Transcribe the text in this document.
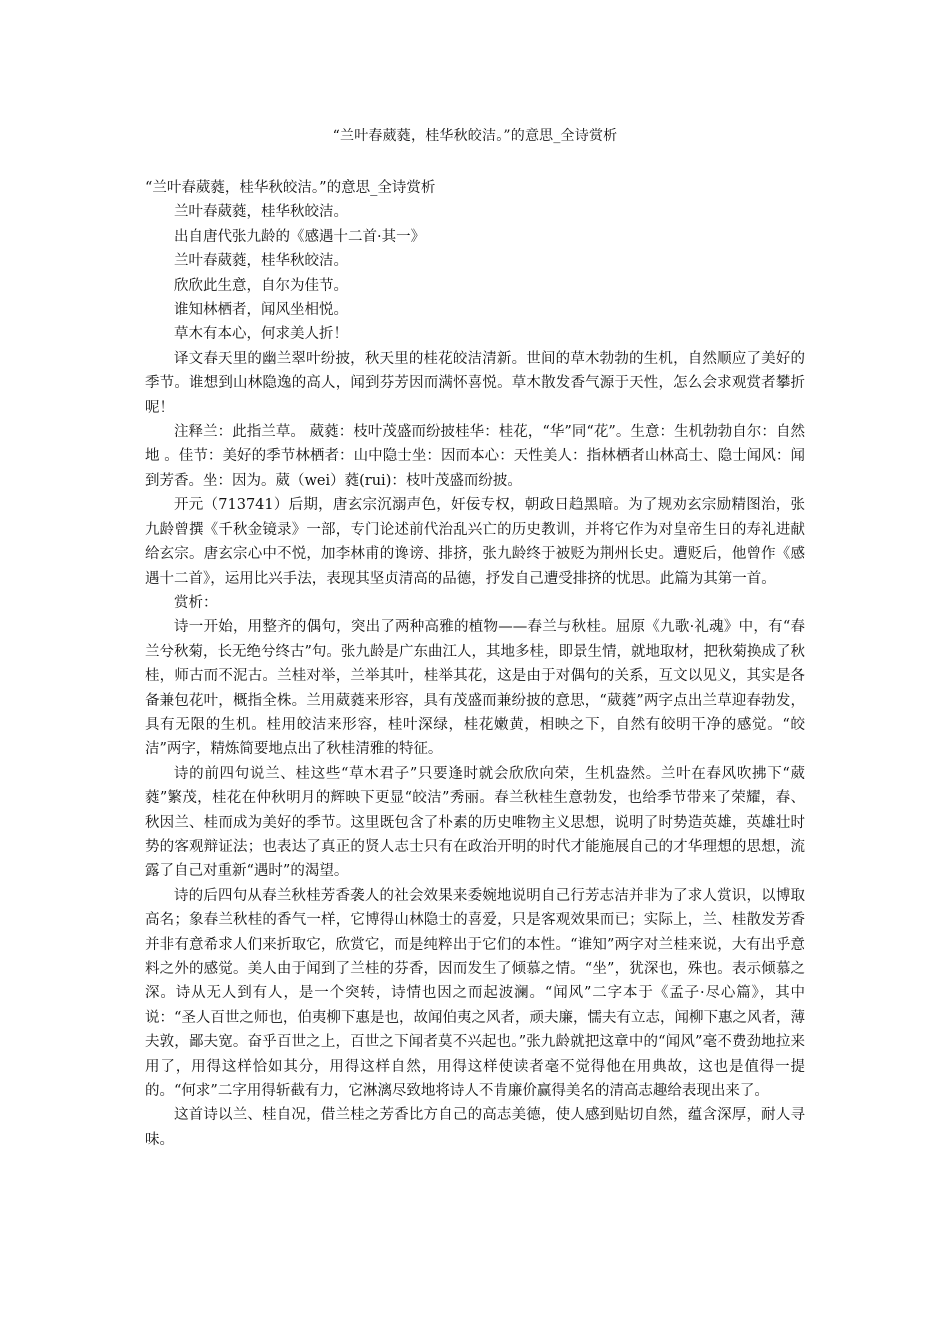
“兰叶春葳蕤，桂华秋皎洁。”的意思_全诗赏析

“兰叶春葳蕤，桂华秋皎洁。”的意思_全诗赏析

兰叶春葳蕤，桂华秋皎洁。

出自唐代张九龄的《感遇十二首·其一》

兰叶春葳蕤，桂华秋皎洁。

欣欣此生意，自尔为佳节。

谁知林栖者，闻风坐相悦。

草木有本心，何求美人折！

译文春天里的幽兰翠叶纷披，秋天里的桂花皎洁清新。世间的草木勃勃的生机，自然顺应了美好的季节。谁想到山林隐逸的高人，闻到芬芳因而满怀喜悦。草木散发香气源于天性，怎么会求观赏者攀折呢！

注释兰：此指兰草。 葳蕤：枝叶茂盛而纷披桂华：桂花，“华”同“花”。生意：生机勃勃自尔：自然地 。佳节：美好的季节林栖者：山中隐士坐：因而本心：天性美人：指林栖者山林高士、隐士闻风：闻到芳香。坐：因为。葳（wei）蕤(rui)：枝叶茂盛而纷披。

开元（713741）后期，唐玄宗沉溺声色，奸佞专权，朝政日趋黑暗。为了规劝玄宗励精图治，张九龄曾撰《千秋金镜录》一部，专门论述前代治乱兴亡的历史教训，并将它作为对皇帝生日的寿礼进献给玄宗。唐玄宗心中不悦，加李林甫的谗谤、排挤，张九龄终于被贬为荆州长史。遭贬后，他曾作《感遇十二首》，运用比兴手法，表现其坚贞清高的品德，抒发自己遭受排挤的忧思。此篇为其第一首。

赏析：

诗一开始，用整齐的偶句，突出了两种高雅的植物——春兰与秋桂。屈原《九歌·礼魂》中，有“春兰兮秋菊，长无绝兮终古”句。张九龄是广东曲江人，其地多桂，即景生情，就地取材，把秋菊换成了秋桂，师古而不泥古。兰桂对举，兰举其叶，桂举其花，这是由于对偶句的关系，互文以见义，其实是各备兼包花叶，概指全株。兰用葳蕤来形容，具有茂盛而兼纷披的意思，“葳蕤”两字点出兰草迎春勃发，具有无限的生机。桂用皎洁来形容，桂叶深绿，桂花嫩黄，相映之下，自然有皎明干净的感觉。“皎洁”两字，精炼简要地点出了秋桂清雅的特征。

诗的前四句说兰、桂这些“草木君子”只要逢时就会欣欣向荣，生机盎然。兰叶在春风吹拂下“葳蕤”繁茂，桂花在仲秋明月的辉映下更显“皎洁”秀丽。春兰秋桂生意勃发，也给季节带来了荣耀，春、秋因兰、桂而成为美好的季节。这里既包含了朴素的历史唯物主义思想，说明了时势造英雄，英雄壮时势的客观辩证法；也表达了真正的贤人志士只有在政治开明的时代才能施展自己的才华理想的思想，流露了自己对重新“遇时”的渴望。

诗的后四句从春兰秋桂芳香袭人的社会效果来委婉地说明自己行芳志洁并非为了求人赏识，以博取高名；象春兰秋桂的香气一样，它博得山林隐士的喜爱，只是客观效果而已；实际上，兰、桂散发芳香并非有意希求人们来折取它，欣赏它，而是纯粹出于它们的本性。“谁知”两字对兰桂来说，大有出乎意料之外的感觉。美人由于闻到了兰桂的芬香，因而发生了倾慕之情。“坐”，犹深也，殊也。表示倾慕之深。诗从无人到有人，是一个突转，诗情也因之而起波澜。“闻风”二字本于《孟子·尽心篇》，其中说：“圣人百世之师也，伯夷柳下惠是也，故闻伯夷之风者，顽夫廉，懦夫有立志，闻柳下惠之风者，薄夫敦，鄙夫宽。奋乎百世之上，百世之下闻者莫不兴起也。”张九龄就把这章中的“闻风”毫不费劲地拉来用了，用得这样恰如其分，用得这样自然，用得这样使读者毫不觉得他在用典故，这也是值得一提的。“何求”二字用得斩截有力，它淋漓尽致地将诗人不肯廉价赢得美名的清高志趣给表现出来了。

这首诗以兰、桂自况，借兰桂之芳香比方自己的高志美德，使人感到贴切自然，蕴含深厚，耐人寻味。
